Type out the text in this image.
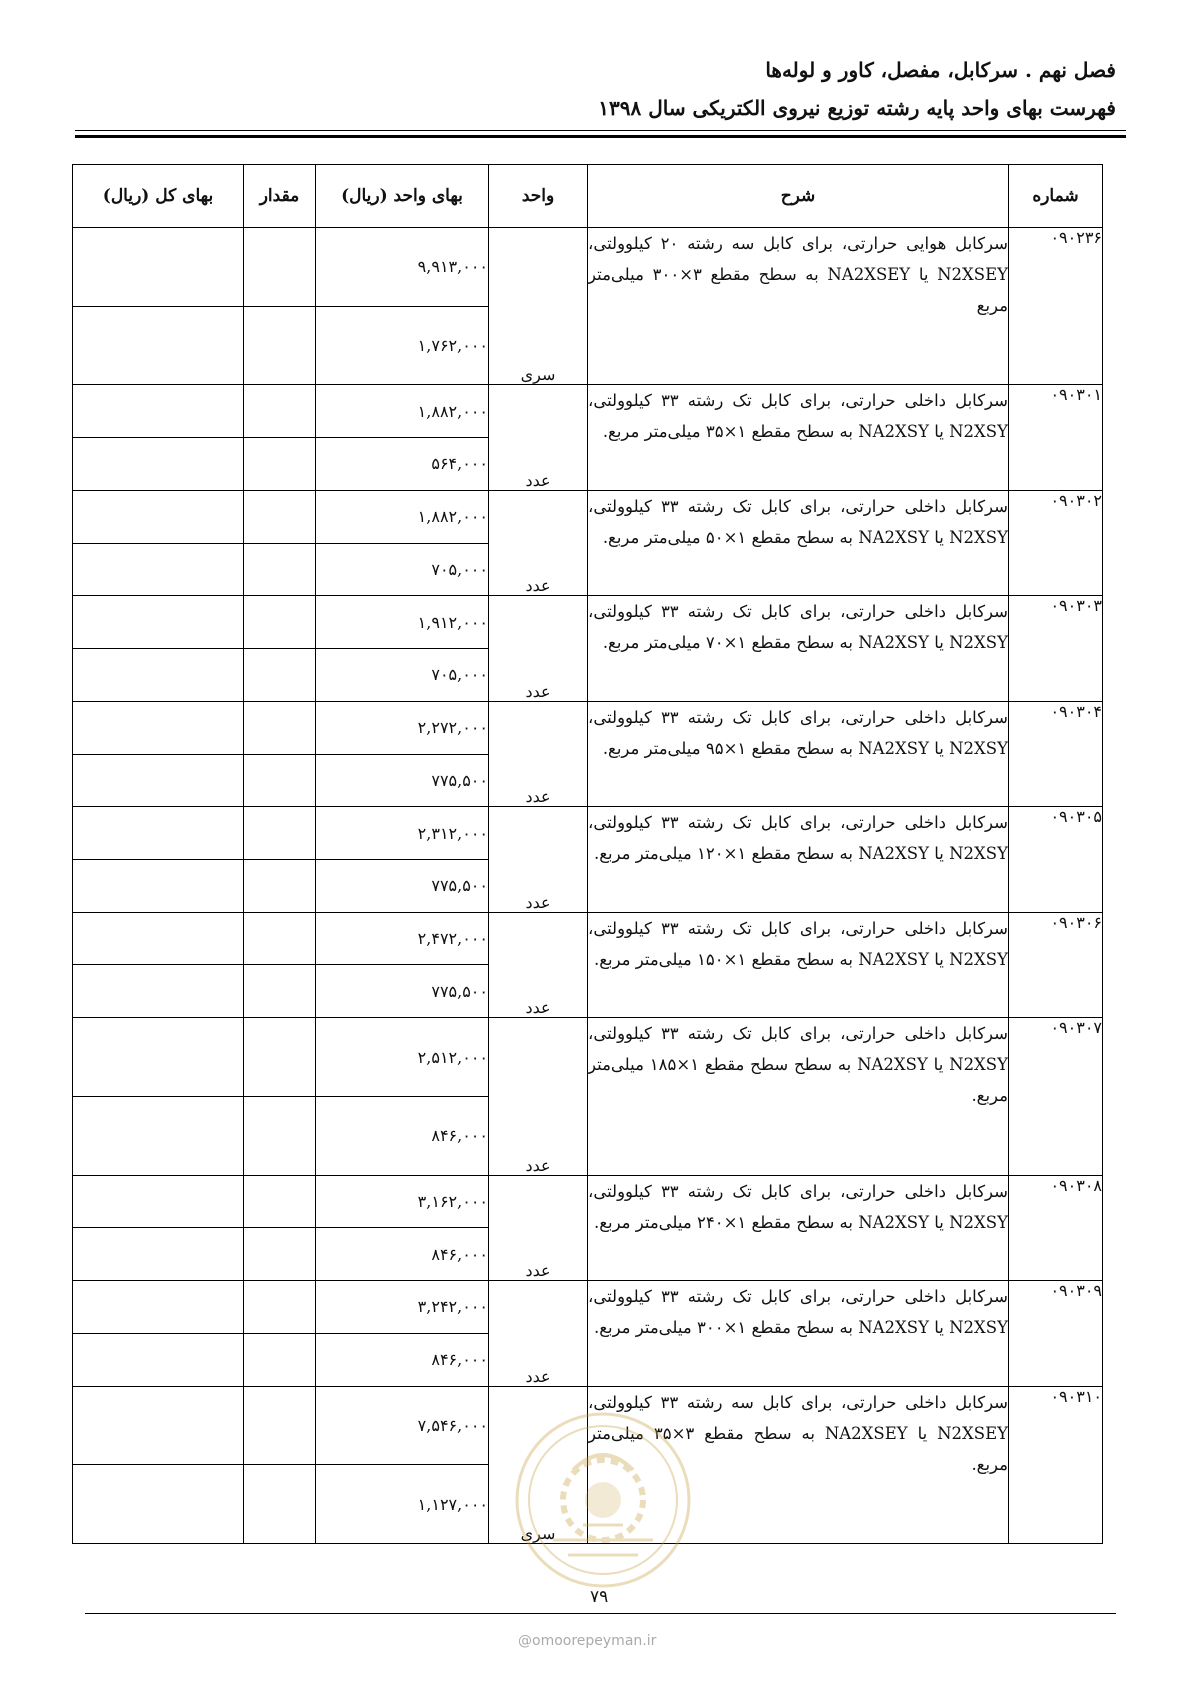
فصل نهم . سرکابل، مفصل، کاور و لوله‌ها
فهرست بهای واحد پایه رشته توزیع نیروی الکتریکی سال ۱۳۹۸
بهای کل (ریال)	مقدار	بهای واحد (ریال)	واحد	شرح	شماره
		۹,۹۱۳,۰۰۰	سری	سرکابل هوایی حرارتی، برای کابل سه رشته ۲۰ کیلوولتی، N2XSEY یا NA2XSEY به سطح مقطع ۳×۳۰۰ میلی‌متر مربع	۰۹۰۲۳۶
		۱,۷۶۲,۰۰۰			
		۱,۸۸۲,۰۰۰	عدد	سرکابل داخلی حرارتی، برای کابل تک رشته ۳۳ کیلوولتی، N2XSY یا NA2XSY به سطح مقطع ۱×۳۵ میلی‌متر مربع.	۰۹۰۳۰۱
		۵۶۴,۰۰۰			
		۱,۸۸۲,۰۰۰	عدد	سرکابل داخلی حرارتی، برای کابل تک رشته ۳۳ کیلوولتی، N2XSY یا NA2XSY به سطح مقطع ۱×۵۰ میلی‌متر مربع.	۰۹۰۳۰۲
		۷۰۵,۰۰۰			
		۱,۹۱۲,۰۰۰	عدد	سرکابل داخلی حرارتی، برای کابل تک رشته ۳۳ کیلوولتی، N2XSY یا NA2XSY به سطح مقطع ۱×۷۰ میلی‌متر مربع.	۰۹۰۳۰۳
		۷۰۵,۰۰۰			
		۲,۲۷۲,۰۰۰	عدد	سرکابل داخلی حرارتی، برای کابل تک رشته ۳۳ کیلوولتی، N2XSY یا NA2XSY به سطح مقطع ۱×۹۵ میلی‌متر مربع.	۰۹۰۳۰۴
		۷۷۵,۵۰۰			
		۲,۳۱۲,۰۰۰	عدد	سرکابل داخلی حرارتی، برای کابل تک رشته ۳۳ کیلوولتی، N2XSY یا NA2XSY به سطح مقطع ۱×۱۲۰ میلی‌متر مربع.	۰۹۰۳۰۵
		۷۷۵,۵۰۰			
		۲,۴۷۲,۰۰۰	عدد	سرکابل داخلی حرارتی، برای کابل تک رشته ۳۳ کیلوولتی، N2XSY یا NA2XSY به سطح مقطع ۱×۱۵۰ میلی‌متر مربع.	۰۹۰۳۰۶
		۷۷۵,۵۰۰			
		۲,۵۱۲,۰۰۰	عدد	سرکابل داخلی حرارتی، برای کابل تک رشته ۳۳ کیلوولتی، N2XSY یا NA2XSY به سطح سطح مقطع ۱×۱۸۵ میلی‌متر مربع.	۰۹۰۳۰۷
		۸۴۶,۰۰۰			
		۳,۱۶۲,۰۰۰	عدد	سرکابل داخلی حرارتی، برای کابل تک رشته ۳۳ کیلوولتی، N2XSY یا NA2XSY به سطح مقطع ۱×۲۴۰ میلی‌متر مربع.	۰۹۰۳۰۸
		۸۴۶,۰۰۰			
		۳,۲۴۲,۰۰۰	عدد	سرکابل داخلی حرارتی، برای کابل تک رشته ۳۳ کیلوولتی، N2XSY یا NA2XSY به سطح مقطع ۱×۳۰۰ میلی‌متر مربع.	۰۹۰۳۰۹
		۸۴۶,۰۰۰			
		۷,۵۴۶,۰۰۰	سری	سرکابل داخلی حرارتی، برای کابل سه رشته ۳۳ کیلوولتی، N2XSEY یا NA2XSEY به سطح مقطع ۳×۳۵ میلی‌متر مربع.	۰۹۰۳۱۰
		۱,۱۲۷,۰۰۰			
۷۹
@omoorepeyman.ir
